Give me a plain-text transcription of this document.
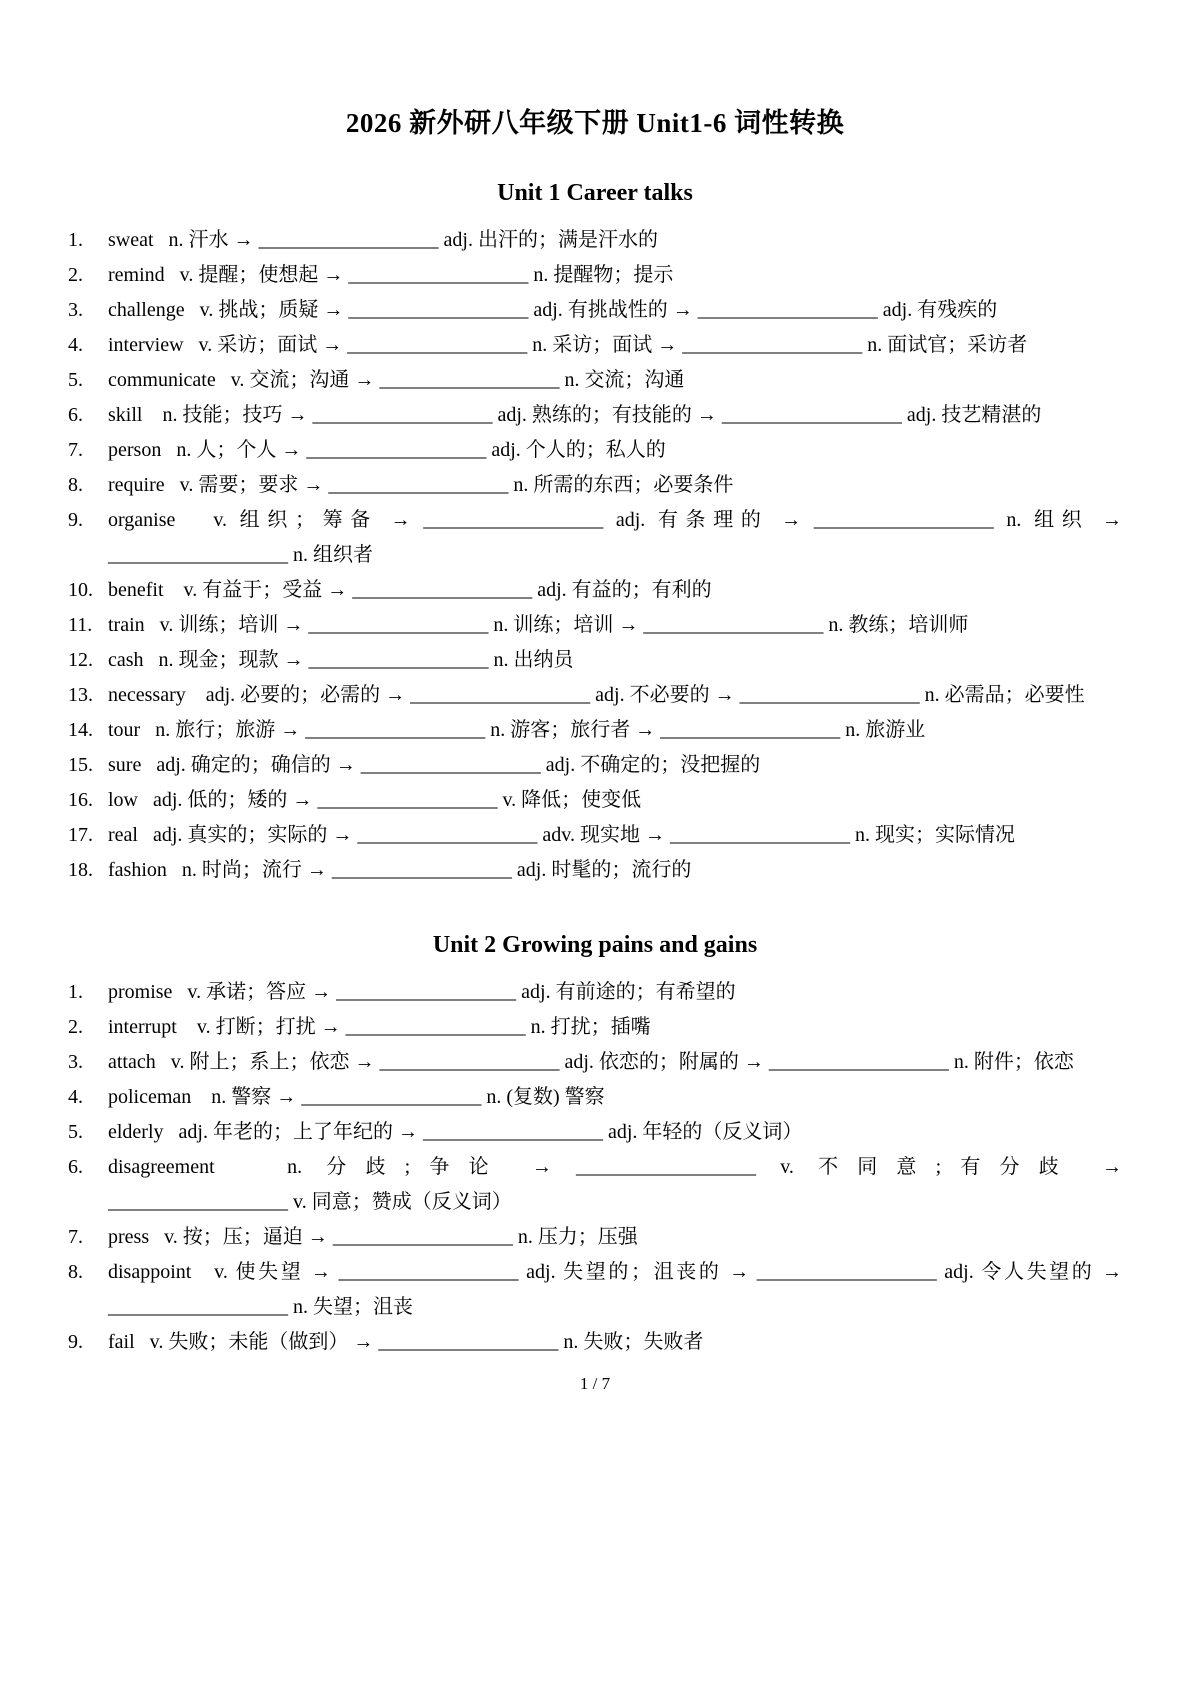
2026 新外研八年级下册 Unit1-6 词性转换
Unit 1 Career talks
1. sweat   n. 汗水 → __________________ adj. 出汗的；满是汗水的
2. remind   v. 提醒；使想起 → __________________ n. 提醒物；提示
3. challenge   v. 挑战；质疑 → __________________ adj. 有挑战性的 → __________________ adj. 有残疾的
4. interview   v. 采访；面试 → __________________ n. 采访；面试 → __________________ n. 面试官；采访者
5. communicate   v. 交流；沟通 → __________________ n. 交流；沟通
6. skill    n. 技能；技巧 → __________________ adj. 熟练的；有技能的 → __________________ adj. 技艺精湛的
7. person   n. 人；个人 → __________________ adj. 个人的；私人的
8. require   v. 需要；要求 → __________________ n. 所需的东西；必要条件
9. organise   v. 组织；筹备 → __________________ adj. 有条理的 → __________________ n. 组织 → __________________ n. 组织者
10. benefit    v. 有益于；受益 → __________________ adj. 有益的；有利的
11. train   v. 训练；培训 → __________________ n. 训练；培训 → __________________ n. 教练；培训师
12. cash   n. 现金；现款 → __________________ n. 出纳员
13. necessary    adj. 必要的；必需的 → __________________ adj. 不必要的 → __________________ n. 必需品；必要性
14. tour   n. 旅行；旅游 → __________________ n. 游客；旅行者 → __________________ n. 旅游业
15. sure   adj. 确定的；确信的 → __________________ adj. 不确定的；没把握的
16. low   adj. 低的；矮的 → __________________ v. 降低；使变低
17. real   adj. 真实的；实际的 → __________________ adv. 现实地 → __________________ n. 现实；实际情况
18. fashion   n. 时尚；流行 → __________________ adj. 时髦的；流行的
Unit 2 Growing pains and gains
1. promise   v. 承诺；答应 → __________________ adj. 有前途的；有希望的
2. interrupt    v. 打断；打扰 → __________________ n. 打扰；插嘴
3. attach   v. 附上；系上；依恋 → __________________ adj. 依恋的；附属的 → __________________ n. 附件；依恋
4. policeman    n. 警察 → __________________ n. (复数) 警察
5. elderly   adj. 年老的；上了年纪的 → __________________ adj. 年轻的（反义词）
6. disagreement   n. 分歧;争论 → __________________ v. 不同意;有分歧 → __________________ v. 同意；赞成（反义词）
7. press   v. 按；压；逼迫 → __________________ n. 压力；压强
8. disappoint   v. 使失望 → __________________ adj. 失望的；沮丧的 → __________________ adj. 令人失望的 → __________________ n. 失望；沮丧
9. fail   v. 失败；未能（做到） → __________________ n. 失败；失败者
1 / 7
